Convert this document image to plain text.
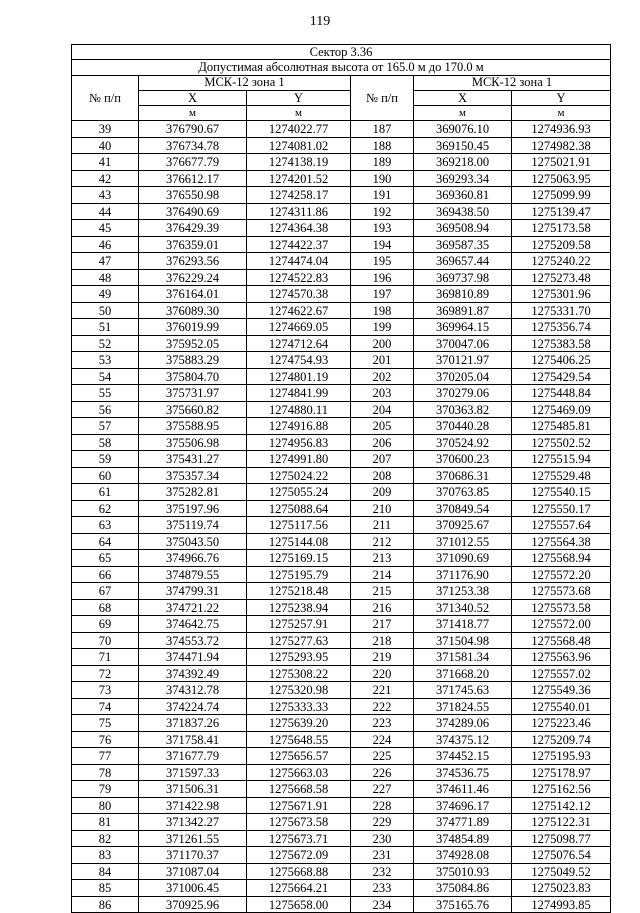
119
Сектор 3.36					
Допустимая абсолютная высота от 165.0 м до 170.0 м					
№ п/п	МСК-12 зона 1		№ п/п	МСК-12 зона 1	
	X	Y		X	Y
	м	м		м	м
39	376790.67	1274022.77	187	369076.10	1274936.93
40	376734.78	1274081.02	188	369150.45	1274982.38
41	376677.79	1274138.19	189	369218.00	1275021.91
42	376612.17	1274201.52	190	369293.34	1275063.95
43	376550.98	1274258.17	191	369360.81	1275099.99
44	376490.69	1274311.86	192	369438.50	1275139.47
45	376429.39	1274364.38	193	369508.94	1275173.58
46	376359.01	1274422.37	194	369587.35	1275209.58
47	376293.56	1274474.04	195	369657.44	1275240.22
48	376229.24	1274522.83	196	369737.98	1275273.48
49	376164.01	1274570.38	197	369810.89	1275301.96
50	376089.30	1274622.67	198	369891.87	1275331.70
51	376019.99	1274669.05	199	369964.15	1275356.74
52	375952.05	1274712.64	200	370047.06	1275383.58
53	375883.29	1274754.93	201	370121.97	1275406.25
54	375804.70	1274801.19	202	370205.04	1275429.54
55	375731.97	1274841.99	203	370279.06	1275448.84
56	375660.82	1274880.11	204	370363.82	1275469.09
57	375588.95	1274916.88	205	370440.28	1275485.81
58	375506.98	1274956.83	206	370524.92	1275502.52
59	375431.27	1274991.80	207	370600.23	1275515.94
60	375357.34	1275024.22	208	370686.31	1275529.48
61	375282.81	1275055.24	209	370763.85	1275540.15
62	375197.96	1275088.64	210	370849.54	1275550.17
63	375119.74	1275117.56	211	370925.67	1275557.64
64	375043.50	1275144.08	212	371012.55	1275564.38
65	374966.76	1275169.15	213	371090.69	1275568.94
66	374879.55	1275195.79	214	371176.90	1275572.20
67	374799.31	1275218.48	215	371253.38	1275573.68
68	374721.22	1275238.94	216	371340.52	1275573.58
69	374642.75	1275257.91	217	371418.77	1275572.00
70	374553.72	1275277.63	218	371504.98	1275568.48
71	374471.94	1275293.95	219	371581.34	1275563.96
72	374392.49	1275308.22	220	371668.20	1275557.02
73	374312.78	1275320.98	221	371745.63	1275549.36
74	374224.74	1275333.33	222	371824.55	1275540.01
75	371837.26	1275639.20	223	374289.06	1275223.46
76	371758.41	1275648.55	224	374375.12	1275209.74
77	371677.79	1275656.57	225	374452.15	1275195.93
78	371597.33	1275663.03	226	374536.75	1275178.97
79	371506.31	1275668.58	227	374611.46	1275162.56
80	371422.98	1275671.91	228	374696.17	1275142.12
81	371342.27	1275673.58	229	374771.89	1275122.31
82	371261.55	1275673.71	230	374854.89	1275098.77
83	371170.37	1275672.09	231	374928.08	1275076.54
84	371087.04	1275668.88	232	375010.93	1275049.52
85	371006.45	1275664.21	233	375084.86	1275023.83
86	370925.96	1275658.00	234	375165.76	1274993.85
